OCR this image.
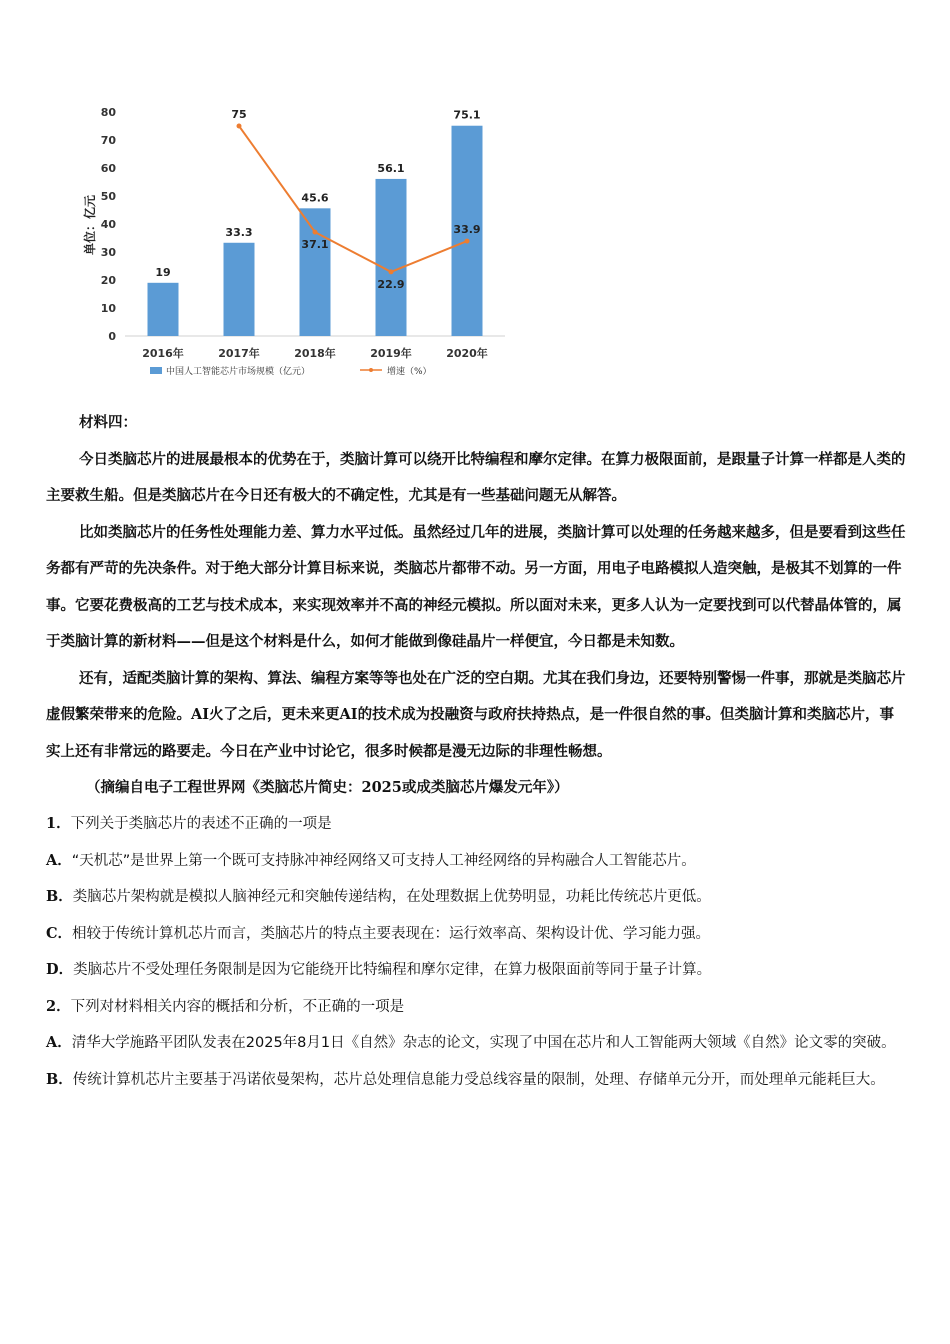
0
10
20
30
40
50
60
70
80
单位：亿元
19
33.3
45.6
56.1
75.1
75
37.1
22.9
33.9
2016年	2017年	2018年	2019年	2020年
中国人工智能芯片市场规模（亿元）	增速（%）

材料四：

今日类脑芯片的进展最根本的优势在于，类脑计算可以绕开比特编程和摩尔定律。在算力极限面前，是跟量子计算一样都是人类的主要救生船。但是类脑芯片在今日还有极大的不确定性，尤其是有一些基础问题无从解答。

比如类脑芯片的任务性处理能力差、算力水平过低。虽然经过几年的进展，类脑计算可以处理的任务越来越多，但是要看到这些任务都有严苛的先决条件。对于绝大部分计算目标来说，类脑芯片都带不动。另一方面，用电子电路模拟人造突触，是极其不划算的一件事。它要花费极高的工艺与技术成本，来实现效率并不高的神经元模拟。所以面对未来，更多人认为一定要找到可以代替晶体管的，属于类脑计算的新材料——但是这个材料是什么，如何才能做到像硅晶片一样便宜，今日都是未知数。

还有，适配类脑计算的架构、算法、编程方案等等也处在广泛的空白期。尤其在我们身边，还要特别警惕一件事，那就是类脑芯片虚假繁荣带来的危险。AI火了之后，更未来更AI的技术成为投融资与政府扶持热点，是一件很自然的事。但类脑计算和类脑芯片，事实上还有非常远的路要走。今日在产业中讨论它，很多时候都是漫无边际的非理性畅想。

（摘编自电子工程世界网《类脑芯片简史：2025或成类脑芯片爆发元年》）

1．下列关于类脑芯片的表述不正确的一项是

A．“天机芯”是世界上第一个既可支持脉冲神经网络又可支持人工神经网络的异构融合人工智能芯片。

B．类脑芯片架构就是模拟人脑神经元和突触传递结构，在处理数据上优势明显，功耗比传统芯片更低。

C．相较于传统计算机芯片而言，类脑芯片的特点主要表现在：运行效率高、架构设计优、学习能力强。

D．类脑芯片不受处理任务限制是因为它能绕开比特编程和摩尔定律，在算力极限面前等同于量子计算。

2．下列对材料相关内容的概括和分析，不正确的一项是

A．清华大学施路平团队发表在2025年8月1日《自然》杂志的论文，实现了中国在芯片和人工智能两大领域《自然》论文零的突破。

B．传统计算机芯片主要基于冯诺依曼架构，芯片总处理信息能力受总线容量的限制，处理、存储单元分开，而处理单元能耗巨大。
